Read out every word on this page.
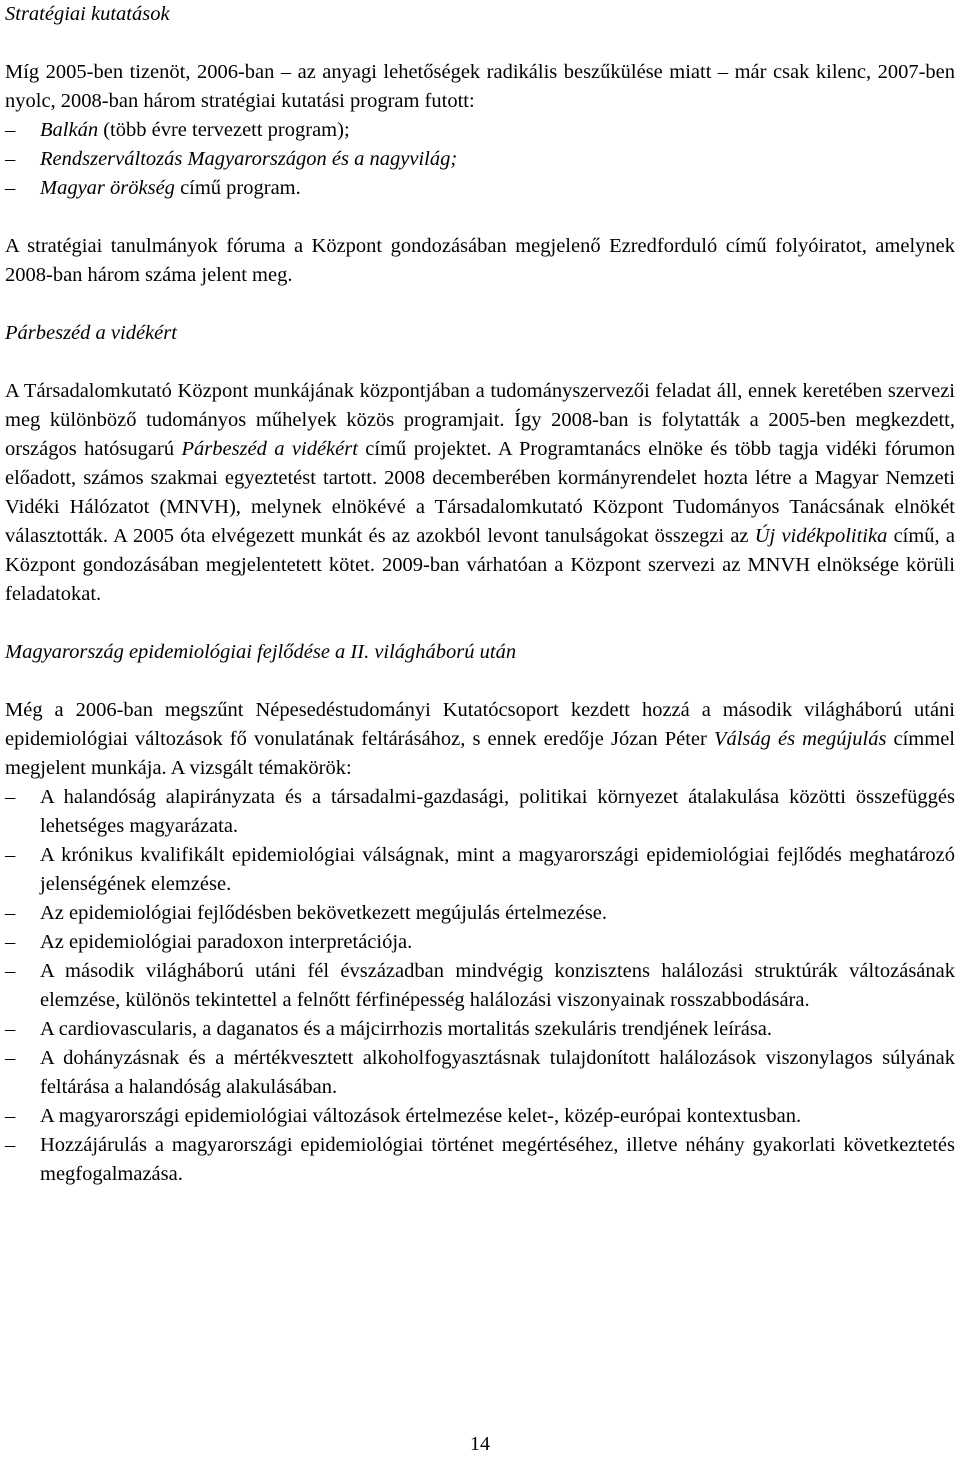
Stratégiai kutatások

Míg 2005-ben tizenöt, 2006-ban – az anyagi lehetőségek radikális beszűkülése miatt – már csak kilenc, 2007-ben nyolc, 2008-ban három stratégiai kutatási program futott:

– Balkán (több évre tervezett program);
– Rendszerváltozás Magyarországon és a nagyvilág;
– Magyar örökség című program.

A stratégiai tanulmányok fóruma a Központ gondozásában megjelenő Ezredforduló című folyóiratot, amelynek 2008-ban három száma jelent meg.

Párbeszéd a vidékért

A Társadalomkutató Központ munkájának központjában a tudományszervezői feladat áll, ennek keretében szervezi meg különböző tudományos műhelyek közös programjait. Így 2008-ban is folytatták a 2005-ben megkezdett, országos hatósugarú Párbeszéd a vidékért című projektet. A Programtanács elnöke és több tagja vidéki fórumon előadott, számos szakmai egyeztetést tartott. 2008 decemberében kormányrendelet hozta létre a Magyar Nemzeti Vidéki Hálózatot (MNVH), melynek elnökévé a Társadalomkutató Központ Tudományos Tanácsának elnökét választották. A 2005 óta elvégezett munkát és az azokból levont tanulságokat összegzi az Új vidékpolitika című, a Központ gondozásában megjelentetett kötet. 2009-ban várhatóan a Központ szervezi az MNVH elnöksége körüli feladatokat.

Magyarország epidemiológiai fejlődése a II. világháború után

Még a 2006-ban megszűnt Népesedéstudományi Kutatócsoport kezdett hozzá a második világháború utáni epidemiológiai változások fő vonulatának feltárásához, s ennek eredője Józan Péter Válság és megújulás címmel megjelent munkája. A vizsgált témakörök:

– A halandóság alapirányzata és a társadalmi-gazdasági, politikai környezet átalakulása közötti összefüggés lehetséges magyarázata.
– A krónikus kvalifikált epidemiológiai válságnak, mint a magyarországi epidemiológiai fejlődés meghatározó jelenségének elemzése.
– Az epidemiológiai fejlődésben bekövetkezett megújulás értelmezése.
– Az epidemiológiai paradoxon interpretációja.
– A második világháború utáni fél évszázadban mindvégig konzisztens halálozási struktúrák változásának elemzése, különös tekintettel a felnőtt férfinépesség halálozási viszonyainak rosszabbodására.
– A cardiovascularis, a daganatos és a májcirrhozis mortalitás szekuláris trendjének leírása.
– A dohányzásnak és a mértékvesztett alkoholfogyasztásnak tulajdonított halálozások viszonylagos súlyának feltárása a halandóság alakulásában.
– A magyarországi epidemiológiai változások értelmezése kelet-, közép-európai kontextusban.
– Hozzájárulás a magyarországi epidemiológiai történet megértéséhez, illetve néhány gyakorlati következtetés megfogalmazása.
14
